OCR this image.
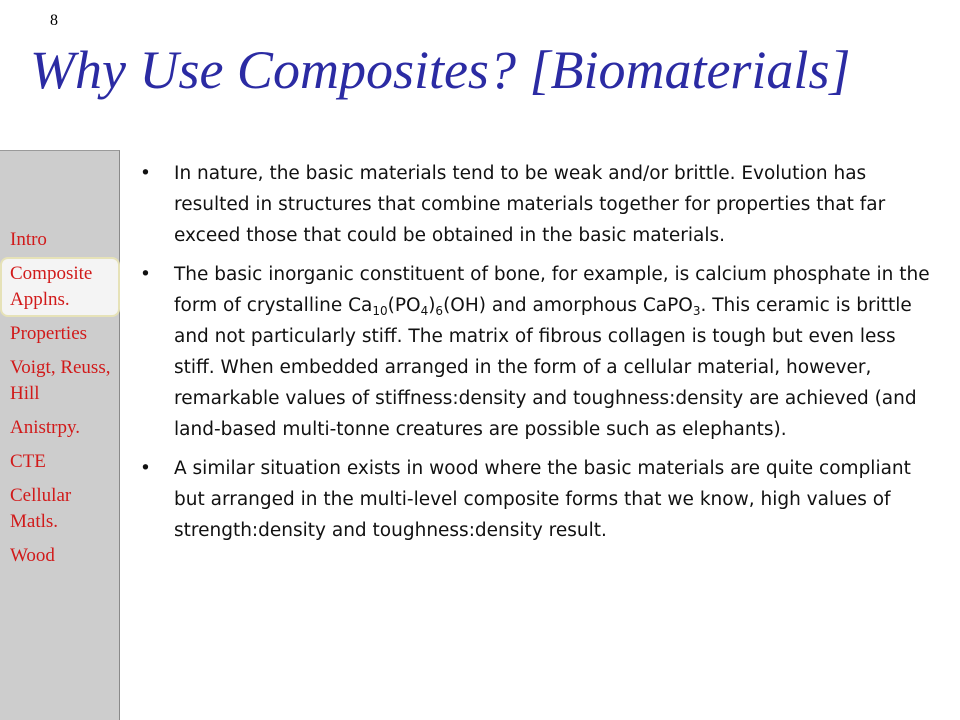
8
Why Use Composites? [Biomaterials]
Intro
Composite Applns.
Properties
Voigt, Reuss, Hill
Anistrpy.
CTE
Cellular Matls.
Wood
• In nature, the basic materials tend to be weak and/or brittle. Evolution has resulted in structures that combine materials together for properties that far exceed those that could be obtained in the basic materials.
• The basic inorganic constituent of bone, for example, is calcium phosphate in the form of crystalline $Ca_{10}(PO_4)_6(OH)$ and amorphous CaPO$_3$. This ceramic is brittle and not particularly stiff. The matrix of fibrous collagen is tough but even less stiff. When embedded arranged in the form of a cellular material, however, remarkable values of stiffness:density and toughness:density are achieved (and land-based multi-tonne creatures are possible such as elephants).
• A similar situation exists in wood where the basic materials are quite compliant but arranged in the multi-level composite forms that we know, high values of strength:density and toughness:density result.
